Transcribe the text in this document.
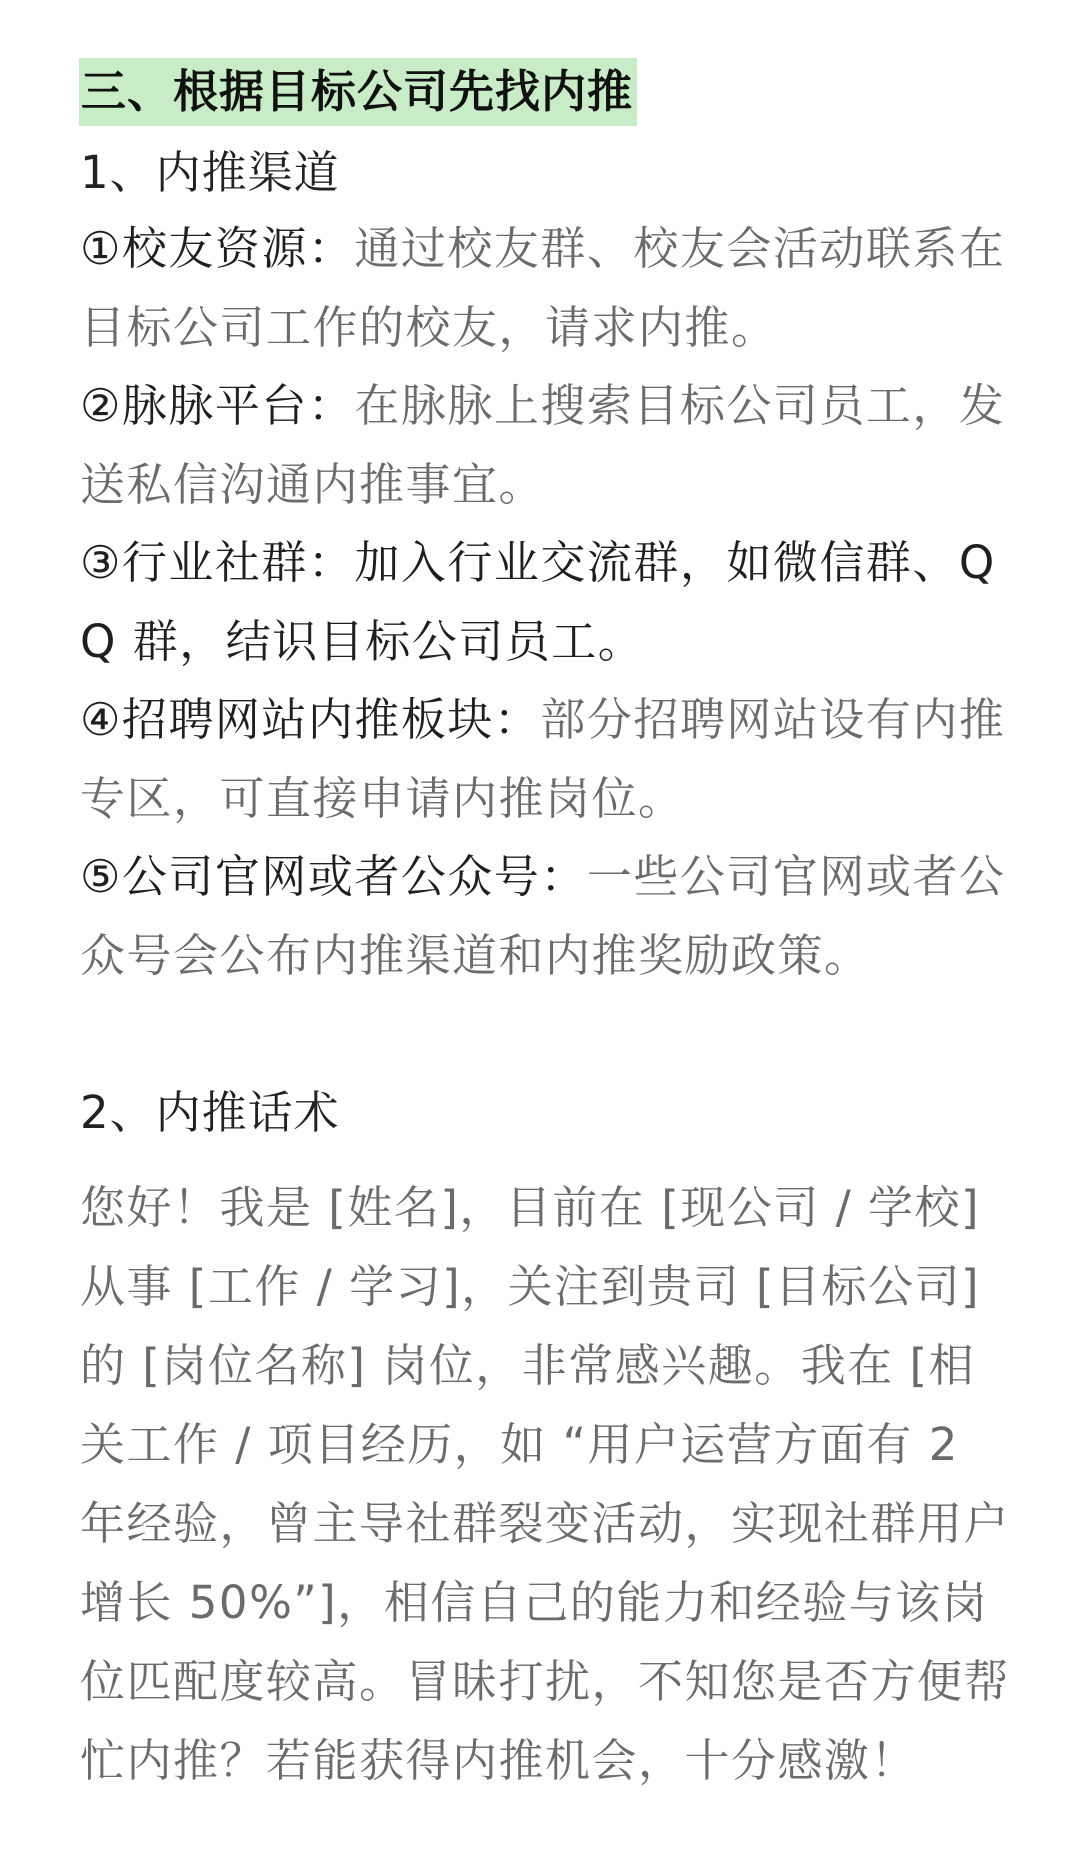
三、根据目标公司先找内推
1、内推渠道
①校友资源：通过校友群、校友会活动联系在目标公司工作的校友，请求内推。
②脉脉平台：在脉脉上搜索目标公司员工，发送私信沟通内推事宜。
③行业社群：加入行业交流群，如微信群、QQ 群，结识目标公司员工。
④招聘网站内推板块：部分招聘网站设有内推专区，可直接申请内推岗位。
⑤公司官网或者公众号：一些公司官网或者公众号会公布内推渠道和内推奖励政策。
2、内推话术
您好！我是 [姓名]，目前在 [现公司 / 学校] 从事 [工作 / 学习]，关注到贵司 [目标公司] 的 [岗位名称] 岗位，非常感兴趣。我在 [相关工作 / 项目经历，如 “用户运营方面有 2 年经验，曾主导社群裂变活动，实现社群用户增长 50%”]，相信自己的能力和经验与该岗位匹配度较高。冒昧打扰，不知您是否方便帮忙内推？若能获得内推机会，十分感激！
